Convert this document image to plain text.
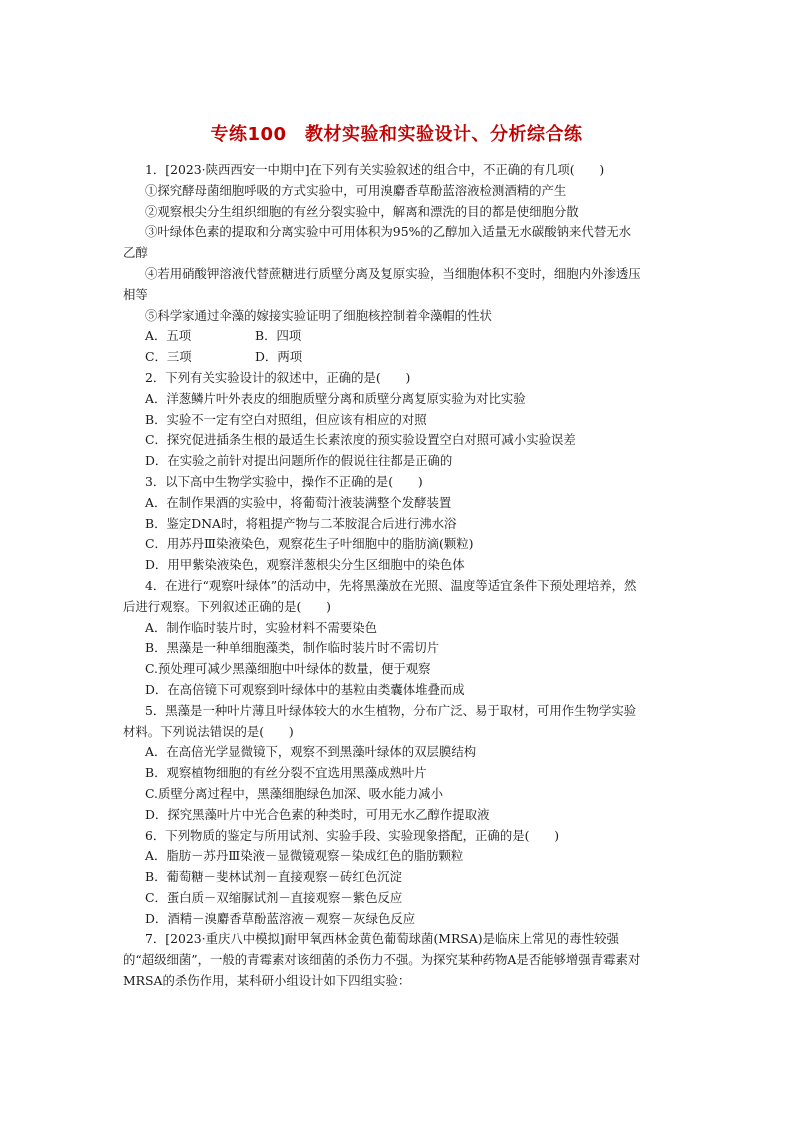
专练100　教材实验和实验设计、分析综合练

1．[2023·陕西西安一中期中]在下列有关实验叙述的组合中，不正确的有几项(　　)

①探究酵母菌细胞呼吸的方式实验中，可用溴麝香草酚蓝溶液检测酒精的产生

②观察根尖分生组织细胞的有丝分裂实验中，解离和漂洗的目的都是使细胞分散

③叶绿体色素的提取和分离实验中可用体积为95%的乙醇加入适量无水碳酸钠来代替无水乙醇

④若用硝酸钾溶液代替蔗糖进行质壁分离及复原实验，当细胞体积不变时，细胞内外渗透压相等

⑤科学家通过伞藻的嫁接实验证明了细胞核控制着伞藻帽的性状

A．五项	B．四项
C．三项	D．两项

2．下列有关实验设计的叙述中，正确的是(　　)

A．洋葱鳞片叶外表皮的细胞质壁分离和质壁分离复原实验为对比实验

B．实验不一定有空白对照组，但应该有相应的对照

C．探究促进插条生根的最适生长素浓度的预实验设置空白对照可减小实验误差

D．在实验之前针对提出问题所作的假说往往都是正确的

3．以下高中生物学实验中，操作不正确的是(　　)

A．在制作果酒的实验中，将葡萄汁液装满整个发酵装置

B．鉴定DNA时，将粗提产物与二苯胺混合后进行沸水浴

C．用苏丹Ⅲ染液染色，观察花生子叶细胞中的脂肪滴(颗粒)

D．用甲紫染液染色，观察洋葱根尖分生区细胞中的染色体

4．在进行“观察叶绿体”的活动中，先将黑藻放在光照、温度等适宜条件下预处理培养，然后进行观察。下列叙述正确的是(　　)

A．制作临时装片时，实验材料不需要染色

B．黑藻是一种单细胞藻类，制作临时装片时不需切片

C.预处理可减少黑藻细胞中叶绿体的数量，便于观察

D．在高倍镜下可观察到叶绿体中的基粒由类囊体堆叠而成

5．黑藻是一种叶片薄且叶绿体较大的水生植物，分布广泛、易于取材，可用作生物学实验材料。下列说法错误的是(　　)

A．在高倍光学显微镜下，观察不到黑藻叶绿体的双层膜结构

B．观察植物细胞的有丝分裂不宜选用黑藻成熟叶片

C.质壁分离过程中，黑藻细胞绿色加深、吸水能力减小

D．探究黑藻叶片中光合色素的种类时，可用无水乙醇作提取液

6．下列物质的鉴定与所用试剂、实验手段、实验现象搭配，正确的是(　　)

A．脂肪－苏丹Ⅲ染液－显微镜观察－染成红色的脂肪颗粒

B．葡萄糖－斐林试剂－直接观察－砖红色沉淀

C．蛋白质－双缩脲试剂－直接观察－紫色反应

D．酒精－溴麝香草酚蓝溶液－观察－灰绿色反应

7．[2023·重庆八中模拟]耐甲氧西林金黄色葡萄球菌(MRSA)是临床上常见的毒性较强的“超级细菌”，一般的青霉素对该细菌的杀伤力不强。为探究某种药物A是否能够增强青霉素对MRSA的杀伤作用，某科研小组设计如下四组实验：
